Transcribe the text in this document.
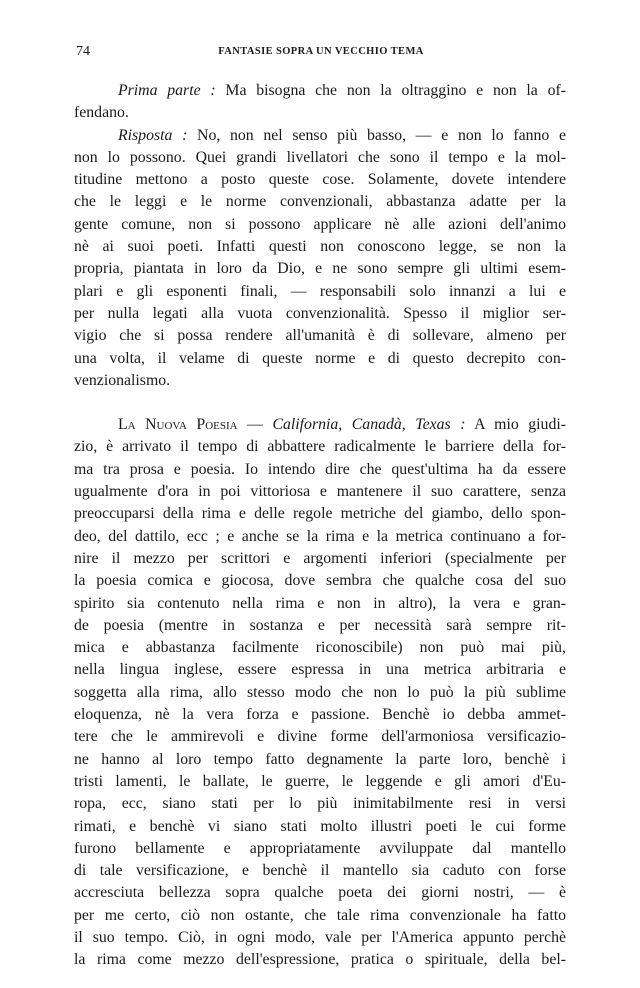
74	FANTASIE SOPRA UN VECCHIO TEMA
Prima parte : Ma bisogna che non la oltraggino e non la of-
fendano.
Risposta : No, non nel senso più basso, — e non lo fanno e
non lo possono. Quei grandi livellatori che sono il tempo e la mol-
titudine mettono a posto queste cose. Solamente, dovete intendere
che le leggi e le norme convenzionali, abbastanza adatte per la
gente comune, non si possono applicare nè alle azioni dell'animo
nè ai suoi poeti. Infatti questi non conoscono legge, se non la
propria, piantata in loro da Dio, e ne sono sempre gli ultimi esem-
plari e gli esponenti finali, — responsabili solo innanzi a lui e
per nulla legati alla vuota convenzionalità. Spesso il miglior ser-
vigio che si possa rendere all'umanità è di sollevare, almeno per
una volta, il velame di queste norme e di questo decrepito con-
venzionalismo.
La Nuova Poesia — California, Canadà, Texas : A mio giudi-
zio, è arrivato il tempo di abbattere radicalmente le barriere della for-
ma tra prosa e poesia. Io intendo dire che quest'ultima ha da essere
ugualmente d'ora in poi vittoriosa e mantenere il suo carattere, senza
preoccuparsi della rima e delle regole metriche del giambo, dello spon-
deo, del dattilo, ecc ; e anche se la rima e la metrica continuano a for-
nire il mezzo per scrittori e argomenti inferiori (specialmente per
la poesia comica e giocosa, dove sembra che qualche cosa del suo
spirito sia contenuto nella rima e non in altro), la vera e gran-
de poesia (mentre in sostanza e per necessità sarà sempre rit-
mica e abbastanza facilmente riconoscibile) non può mai più,
nella lingua inglese, essere espressa in una metrica arbitraria e
soggetta alla rima, allo stesso modo che non lo può la più sublime
eloquenza, nè la vera forza e passione. Benchè io debba ammet-
tere che le ammirevoli e divine forme dell'armoniosa versificazio-
ne hanno al loro tempo fatto degnamente la parte loro, benchè i
tristi lamenti, le ballate, le guerre, le leggende e gli amori d'Eu-
ropa, ecc, siano stati per lo più inimitabilmente resi in versi
rimati, e benchè vi siano stati molto illustri poeti le cui forme
furono bellamente e appropriatamente avviluppate dal mantello
di tale versificazione, e benchè il mantello sia caduto con forse
accresciuta bellezza sopra qualche poeta dei giorni nostri, — è
per me certo, ciò non ostante, che tale rima convenzionale ha fatto
il suo tempo. Ciò, in ogni modo, vale per l'America appunto perchè
la rima come mezzo dell'espressione, pratica o spirituale, della bel-
